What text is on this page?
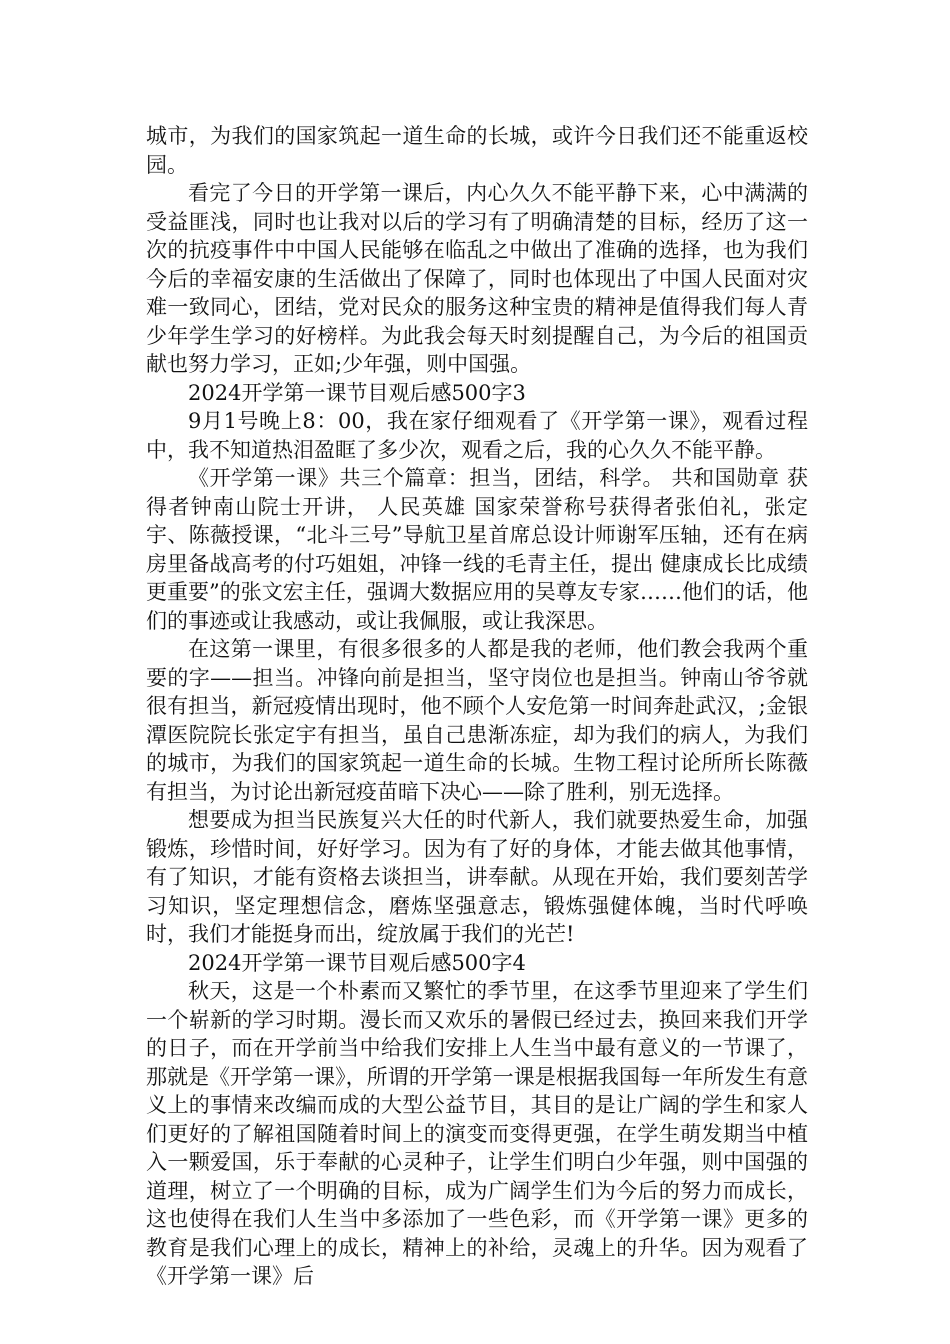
城市，为我们的国家筑起一道生命的长城，或许今日我们还不能重返校园。

看完了今日的开学第一课后，内心久久不能平静下来，心中满满的受益匪浅，同时也让我对以后的学习有了明确清楚的目标，经历了这一次的抗疫事件中中国人民能够在临乱之中做出了准确的选择，也为我们今后的幸福安康的生活做出了保障了，同时也体现出了中国人民面对灾难一致同心，团结，党对民众的服务这种宝贵的精神是值得我们每人青少年学生学习的好榜样。为此我会每天时刻提醒自己，为今后的祖国贡献也努力学习，正如;少年强，则中国强。

2024开学第一课节目观后感500字3

9月1号晚上8：00，我在家仔细观看了《开学第一课》，观看过程中，我不知道热泪盈眶了多少次，观看之后，我的心久久不能平静。

《开学第一课》共三个篇章：担当，团结，科学。 共和国勋章 获得者钟南山院士开讲， 人民英雄 国家荣誉称号获得者张伯礼，张定宇、陈薇授课，“北斗三号”导航卫星首席总设计师谢军压轴，还有在病房里备战高考的付巧姐姐，冲锋一线的毛青主任，提出 健康成长比成绩更重要”的张文宏主任，强调大数据应用的吴尊友专家……他们的话，他们的事迹或让我感动，或让我佩服，或让我深思。

在这第一课里，有很多很多的人都是我的老师，他们教会我两个重要的字——担当。冲锋向前是担当，坚守岗位也是担当。钟南山爷爷就很有担当，新冠疫情出现时，他不顾个人安危第一时间奔赴武汉，;金银潭医院院长张定宇有担当，虽自己患渐冻症，却为我们的病人，为我们的城市，为我们的国家筑起一道生命的长城。生物工程讨论所所长陈薇有担当，为讨论出新冠疫苗暗下决心——除了胜利，别无选择。

想要成为担当民族复兴大任的时代新人，我们就要热爱生命，加强锻炼，珍惜时间，好好学习。因为有了好的身体，才能去做其他事情，有了知识，才能有资格去谈担当，讲奉献。从现在开始，我们要刻苦学习知识，坚定理想信念，磨炼坚强意志，锻炼强健体魄，当时代呼唤时，我们才能挺身而出，绽放属于我们的光芒!

2024开学第一课节目观后感500字4

秋天，这是一个朴素而又繁忙的季节里，在这季节里迎来了学生们一个崭新的学习时期。漫长而又欢乐的暑假已经过去，换回来我们开学的日子，而在开学前当中给我们安排上人生当中最有意义的一节课了，那就是《开学第一课》，所谓的开学第一课是根据我国每一年所发生有意义上的事情来改编而成的大型公益节目，其目的是让广阔的学生和家人们更好的了解祖国随着时间上的演变而变得更强，在学生萌发期当中植入一颗爱国，乐于奉献的心灵种子，让学生们明白少年强，则中国强的道理，树立了一个明确的目标，成为广阔学生们为今后的努力而成长，这也使得在我们人生当中多添加了一些色彩，而《开学第一课》更多的教育是我们心理上的成长，精神上的补给，灵魂上的升华。因为观看了《开学第一课》后
